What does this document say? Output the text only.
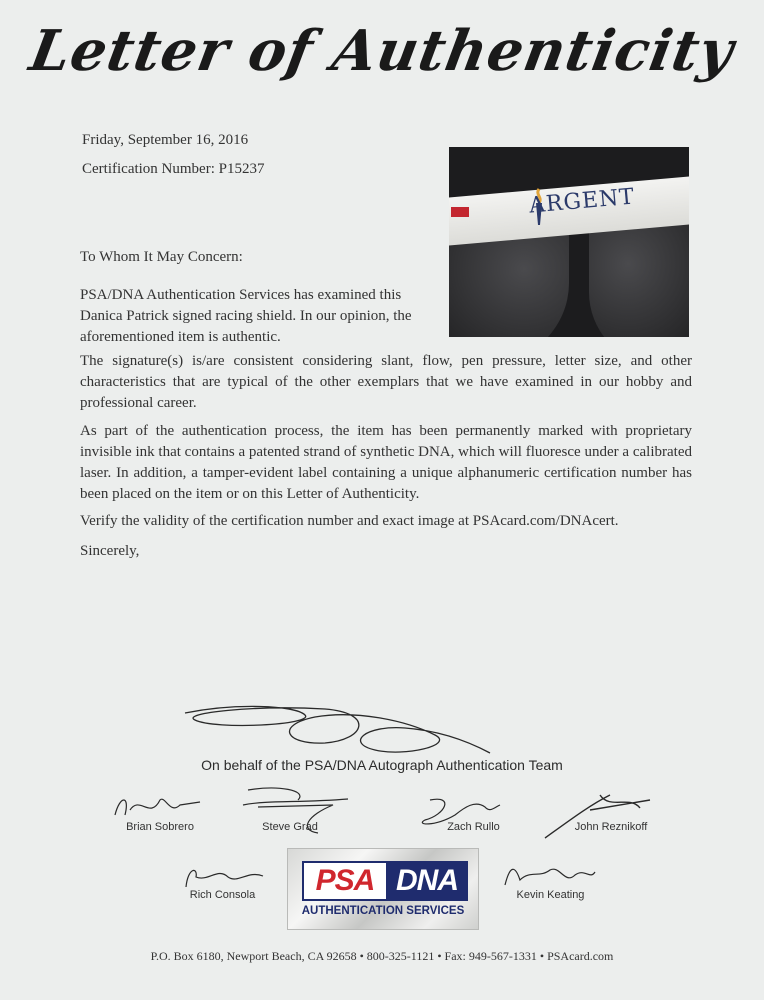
Letter of Authenticity
Friday, September 16, 2016
Certification Number: P15237
To Whom It May Concern:
PSA/DNA Authentication Services has examined this Danica Patrick signed racing shield. In our opinion, the aforementioned item is authentic.
ARGENT
The signature(s) is/are consistent considering slant, flow, pen pressure, letter size, and other characteristics that are typical of the other exemplars that we have examined in our hobby and professional career.
As part of the authentication process, the item has been permanently marked with proprietary invisible ink that contains a patented strand of synthetic DNA, which will fluoresce under a calibrated laser. In addition, a tamper-evident label containing a unique alphanumeric certification number has been placed on the item or on this Letter of Authenticity.
Verify the validity of the certification number and exact image at PSAcard.com/DNAcert.
Sincerely,
On behalf of the PSA/DNA Autograph Authentication Team
Brian Sobrero	Steve Grad	Zach Rullo	John Reznikoff
Rich Consola	Kevin Keating
PSA DNA
AUTHENTICATION SERVICES
P.O. Box 6180, Newport Beach, CA 92658 • 800-325-1121 • Fax: 949-567-1331 • PSAcard.com
